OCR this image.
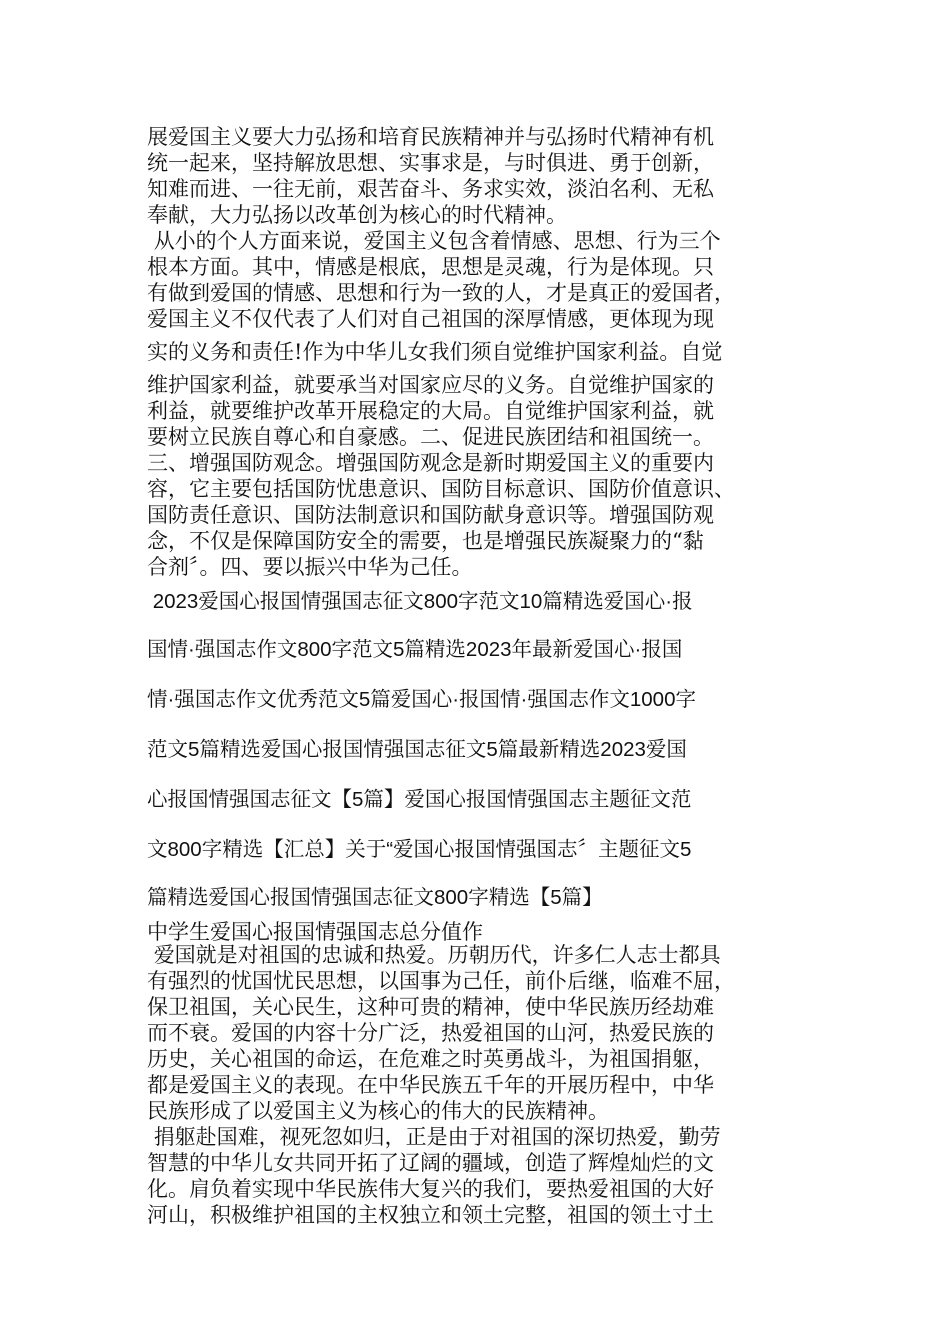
展爱国主义要大力弘扬和培育民族精神并与弘扬时代精神有机

统一起来，坚持解放思想、实事求是，与时俱进、勇于创新，

知难而进、一往无前，艰苦奋斗、务求实效，淡泊名利、无私

奉献，大力弘扬以改革创为核心的时代精神。

从小的个人方面来说，爱国主义包含着情感、思想、行为三个

根本方面。其中，情感是根底，思想是灵魂，行为是体现。只

有做到爱国的情感、思想和行为一致的人，才是真正的爱国者，

爱国主义不仅代表了人们对自己祖国的深厚情感，更体现为现

实的义务和责任!作为中华儿女我们须自觉维护国家利益。自觉

维护国家利益，就要承当对国家应尽的义务。自觉维护国家的

利益，就要维护改革开展稳定的大局。自觉维护国家利益，就

要树立民族自尊心和自豪感。二、促进民族团结和祖国统一。

三、增强国防观念。增强国防观念是新时期爱国主义的重要内

容，它主要包括国防忧患意识、国防目标意识、国防价值意识、

国防责任意识、国防法制意识和国防献身意识等。增强国防观

念，不仅是保障国防安全的需要，也是增强民族凝聚力的“黏

合剂〞。四、要以振兴中华为己任。

2023爱国心报国情强国志征文800字范文10篇精选爱国心·报

国情·强国志作文800字范文5篇精选2023年最新爱国心·报国

情·强国志作文优秀范文5篇爱国心·报国情·强国志作文1000字

范文5篇精选爱国心报国情强国志征文5篇最新精选2023爱国

心报国情强国志征文【5篇】爱国心报国情强国志主题征文范

文800字精选【汇总】关于“爱国心报国情强国志〞主题征文5

篇精选爱国心报国情强国志征文800字精选【5篇】

中学生爱国心报国情强国志总分值作

爱国就是对祖国的忠诚和热爱。历朝历代，许多仁人志士都具

有强烈的忧国忧民思想，以国事为己任，前仆后继，临难不屈，

保卫祖国，关心民生，这种可贵的精神，使中华民族历经劫难

而不衰。爱国的内容十分广泛，热爱祖国的山河，热爱民族的

历史，关心祖国的命运，在危难之时英勇战斗，为祖国捐躯，

都是爱国主义的表现。在中华民族五千年的开展历程中，中华

民族形成了以爱国主义为核心的伟大的民族精神。

捐躯赴国难，视死忽如归，正是由于对祖国的深切热爱，勤劳

智慧的中华儿女共同开拓了辽阔的疆域，创造了辉煌灿烂的文

化。肩负着实现中华民族伟大复兴的我们，要热爱祖国的大好

河山，积极维护祖国的主权独立和领土完整，祖国的领土寸土
